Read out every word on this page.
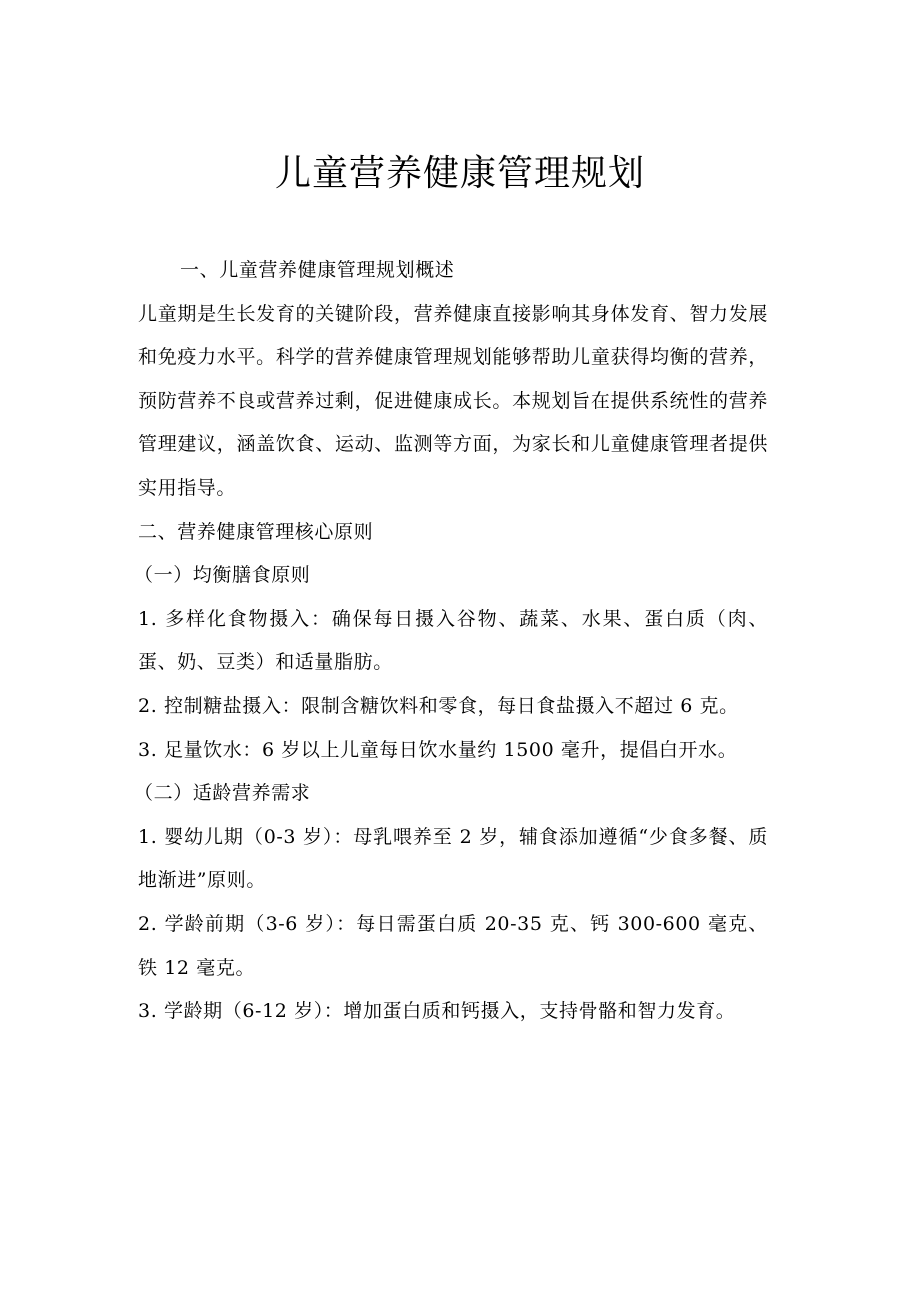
儿童营养健康管理规划

一、儿童营养健康管理规划概述

儿童期是生长发育的关键阶段，营养健康直接影响其身体发育、智力发展和免疫力水平。科学的营养健康管理规划能够帮助儿童获得均衡的营养，预防营养不良或营养过剩，促进健康成长。本规划旨在提供系统性的营养管理建议，涵盖饮食、运动、监测等方面，为家长和儿童健康管理者提供实用指导。

二、营养健康管理核心原则

（一）均衡膳食原则

1. 多样化食物摄入：确保每日摄入谷物、蔬菜、水果、蛋白质（肉、蛋、奶、豆类）和适量脂肪。

2. 控制糖盐摄入：限制含糖饮料和零食，每日食盐摄入不超过 6 克。

3. 足量饮水：6 岁以上儿童每日饮水量约 1500 毫升，提倡白开水。

（二）适龄营养需求

1. 婴幼儿期（0-3 岁）：母乳喂养至 2 岁，辅食添加遵循“少食多餐、质地渐进”原则。

2. 学龄前期（3-6 岁）：每日需蛋白质 20-35 克、钙 300-600 毫克、铁 12 毫克。

3. 学龄期（6-12 岁）：增加蛋白质和钙摄入，支持骨骼和智力发育。
